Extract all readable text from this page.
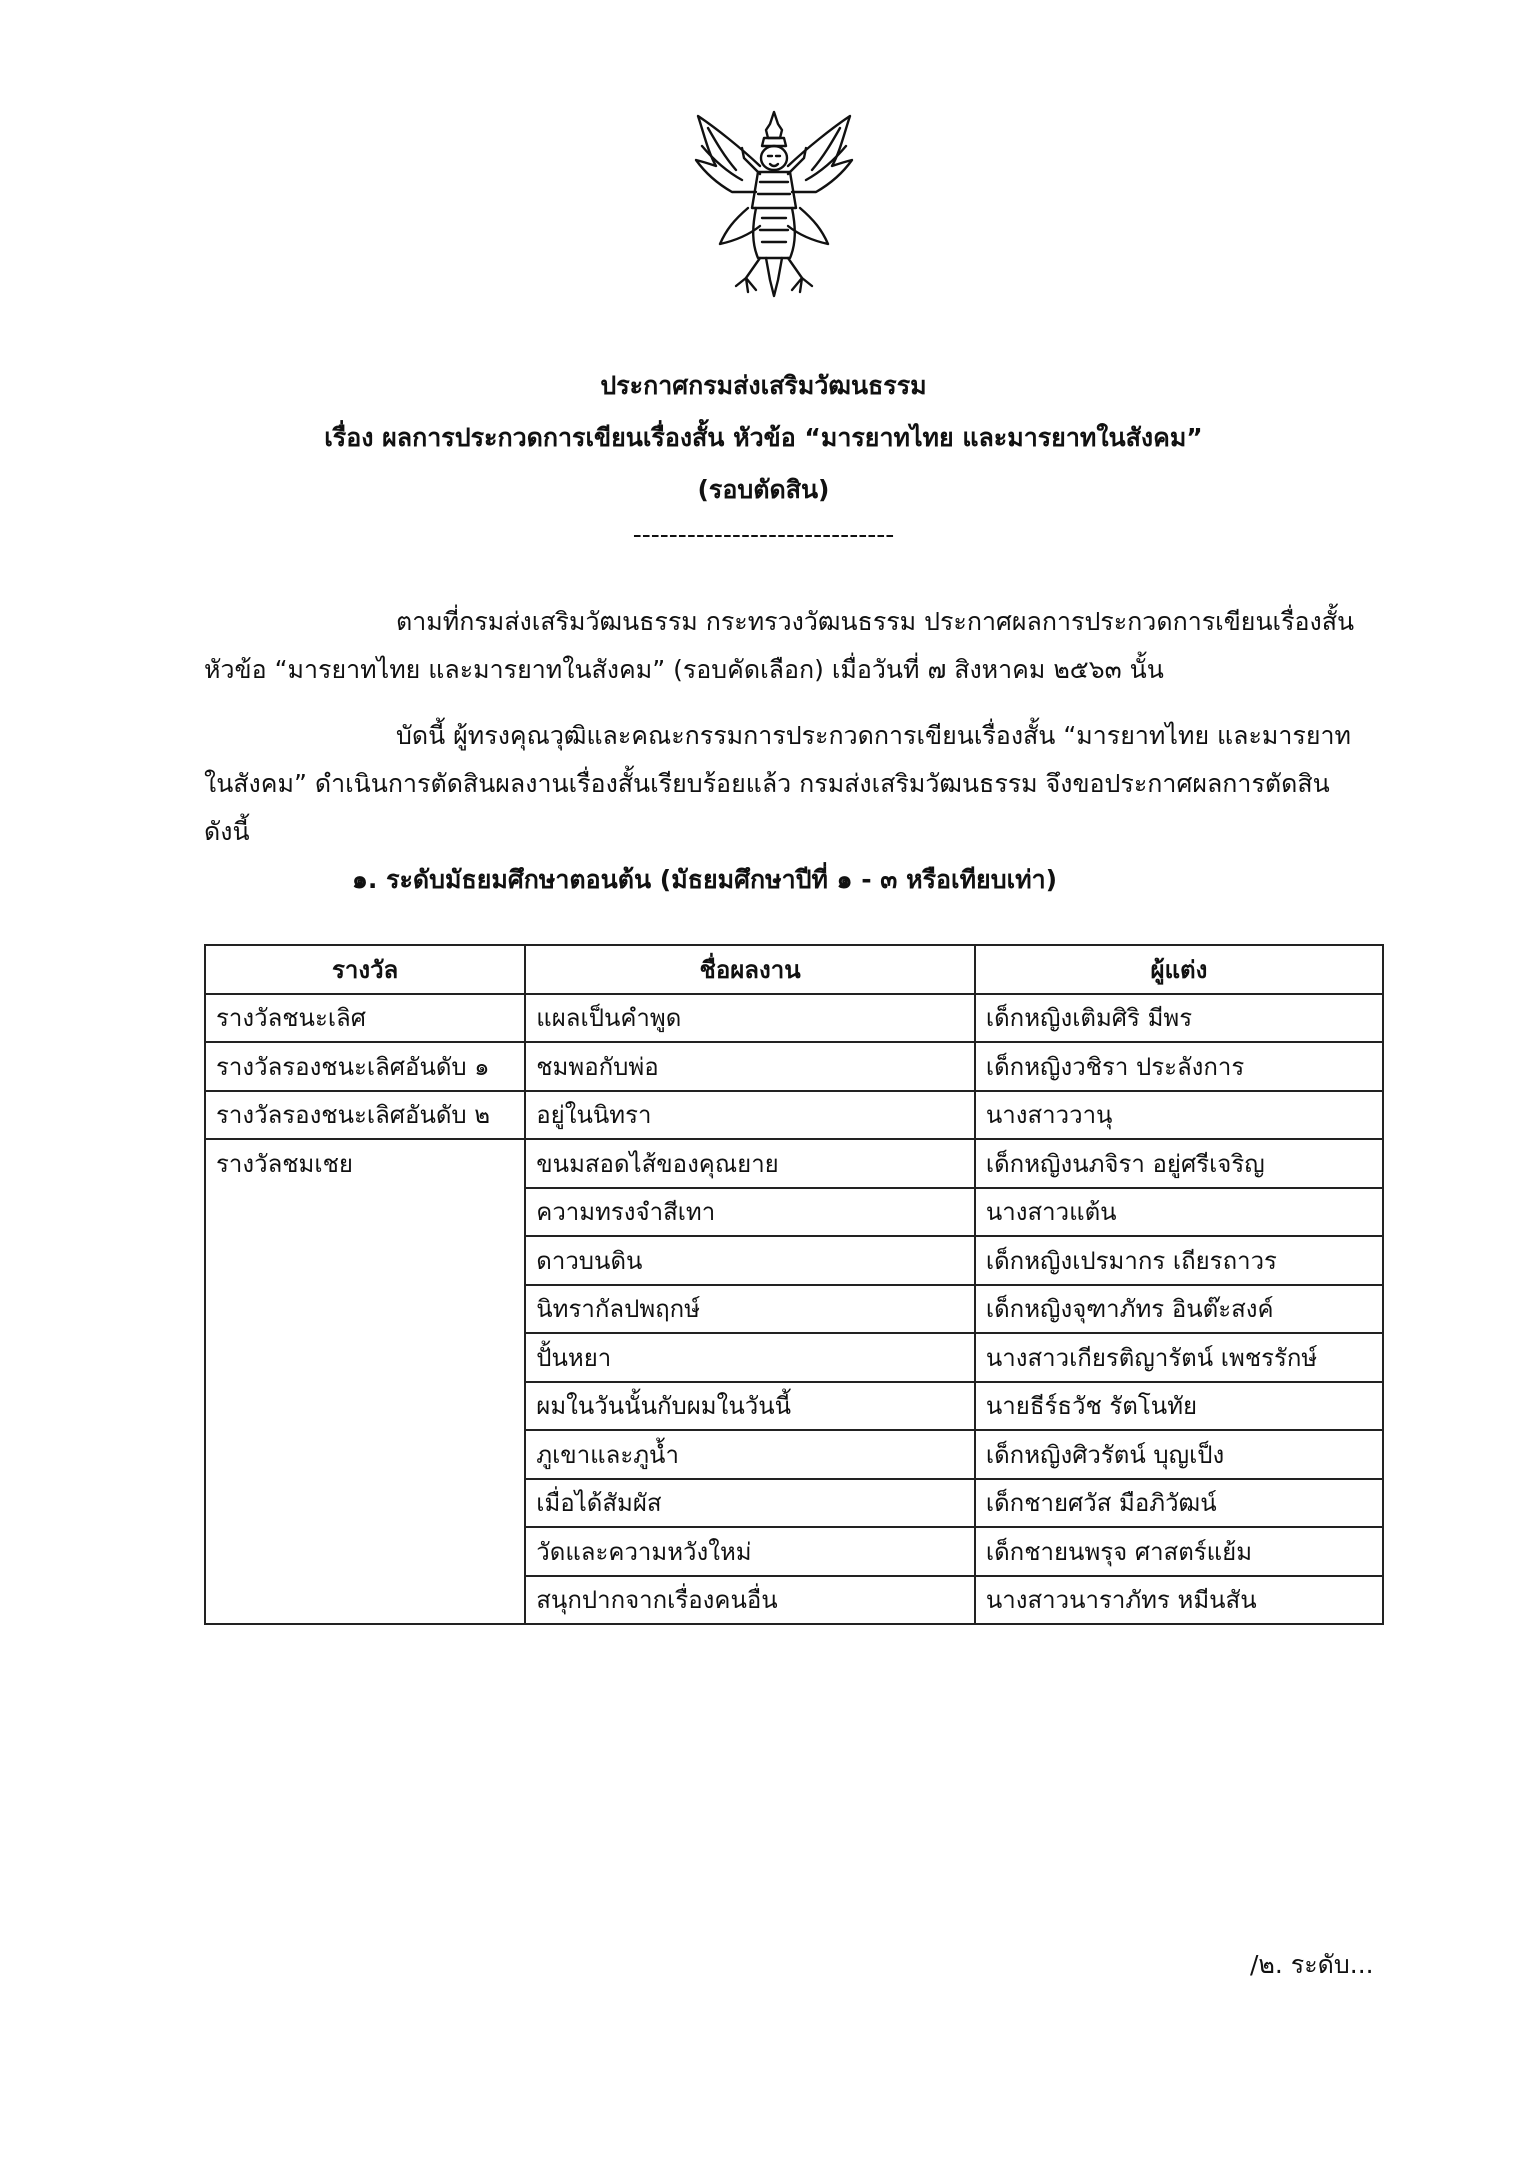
ประกาศกรมส่งเสริมวัฒนธรรม
เรื่อง ผลการประกวดการเขียนเรื่องสั้น หัวข้อ “มารยาทไทย และมารยาทในสังคม”
(รอบตัดสิน)
-----------------------------
ตามที่กรมส่งเสริมวัฒนธรรม กระทรวงวัฒนธรรม ประกาศผลการประกวดการเขียนเรื่องสั้น หัวข้อ “มารยาทไทย และมารยาทในสังคม” (รอบคัดเลือก) เมื่อวันที่ ๗ สิงหาคม ๒๕๖๓ นั้น
บัดนี้ ผู้ทรงคุณวุฒิและคณะกรรมการประกวดการเขียนเรื่องสั้น “มารยาทไทย และมารยาท ในสังคม” ดำเนินการตัดสินผลงานเรื่องสั้นเรียบร้อยแล้ว กรมส่งเสริมวัฒนธรรม จึงขอประกาศผลการตัดสิน ดังนี้
๑. ระดับมัธยมศึกษาตอนต้น (มัธยมศึกษาปีที่ ๑ - ๓ หรือเทียบเท่า)
รางวัล	ชื่อผลงาน	ผู้แต่ง
รางวัลชนะเลิศ	แผลเป็นคำพูด	เด็กหญิงเติมศิริ มีพร
รางวัลรองชนะเลิศอันดับ ๑	ชมพอกับพ่อ	เด็กหญิงวชิรา ประลังการ
รางวัลรองชนะเลิศอันดับ ๒	อยู่ในนิทรา	นางสาววานุ
รางวัลชมเชย	ขนมสอดไส้ของคุณยาย	เด็กหญิงนภจิรา อยู่ศรีเจริญ
	ความทรงจำสีเทา	นางสาวแต้น
	ดาวบนดิน	เด็กหญิงเปรมากร เถียรถาวร
	นิทรากัลปพฤกษ์	เด็กหญิงจุฑาภัทร อินต๊ะสงค์
	ปั้นหยา	นางสาวเกียรติญารัตน์ เพชรรักษ์
	ผมในวันนั้นกับผมในวันนี้	นายธีร์ธวัช รัตโนทัย
	ภูเขาและภูน้ำ	เด็กหญิงศิวรัตน์ บุญเป็ง
	เมื่อได้สัมผัส	เด็กชายศวัส มือภิวัฒน์
	วัดและความหวังใหม่	เด็กชายนพรุจ ศาสตร์แย้ม
	สนุกปากจากเรื่องคนอื่น	นางสาวนาราภัทร หมีนสัน
/๒. ระดับ...
